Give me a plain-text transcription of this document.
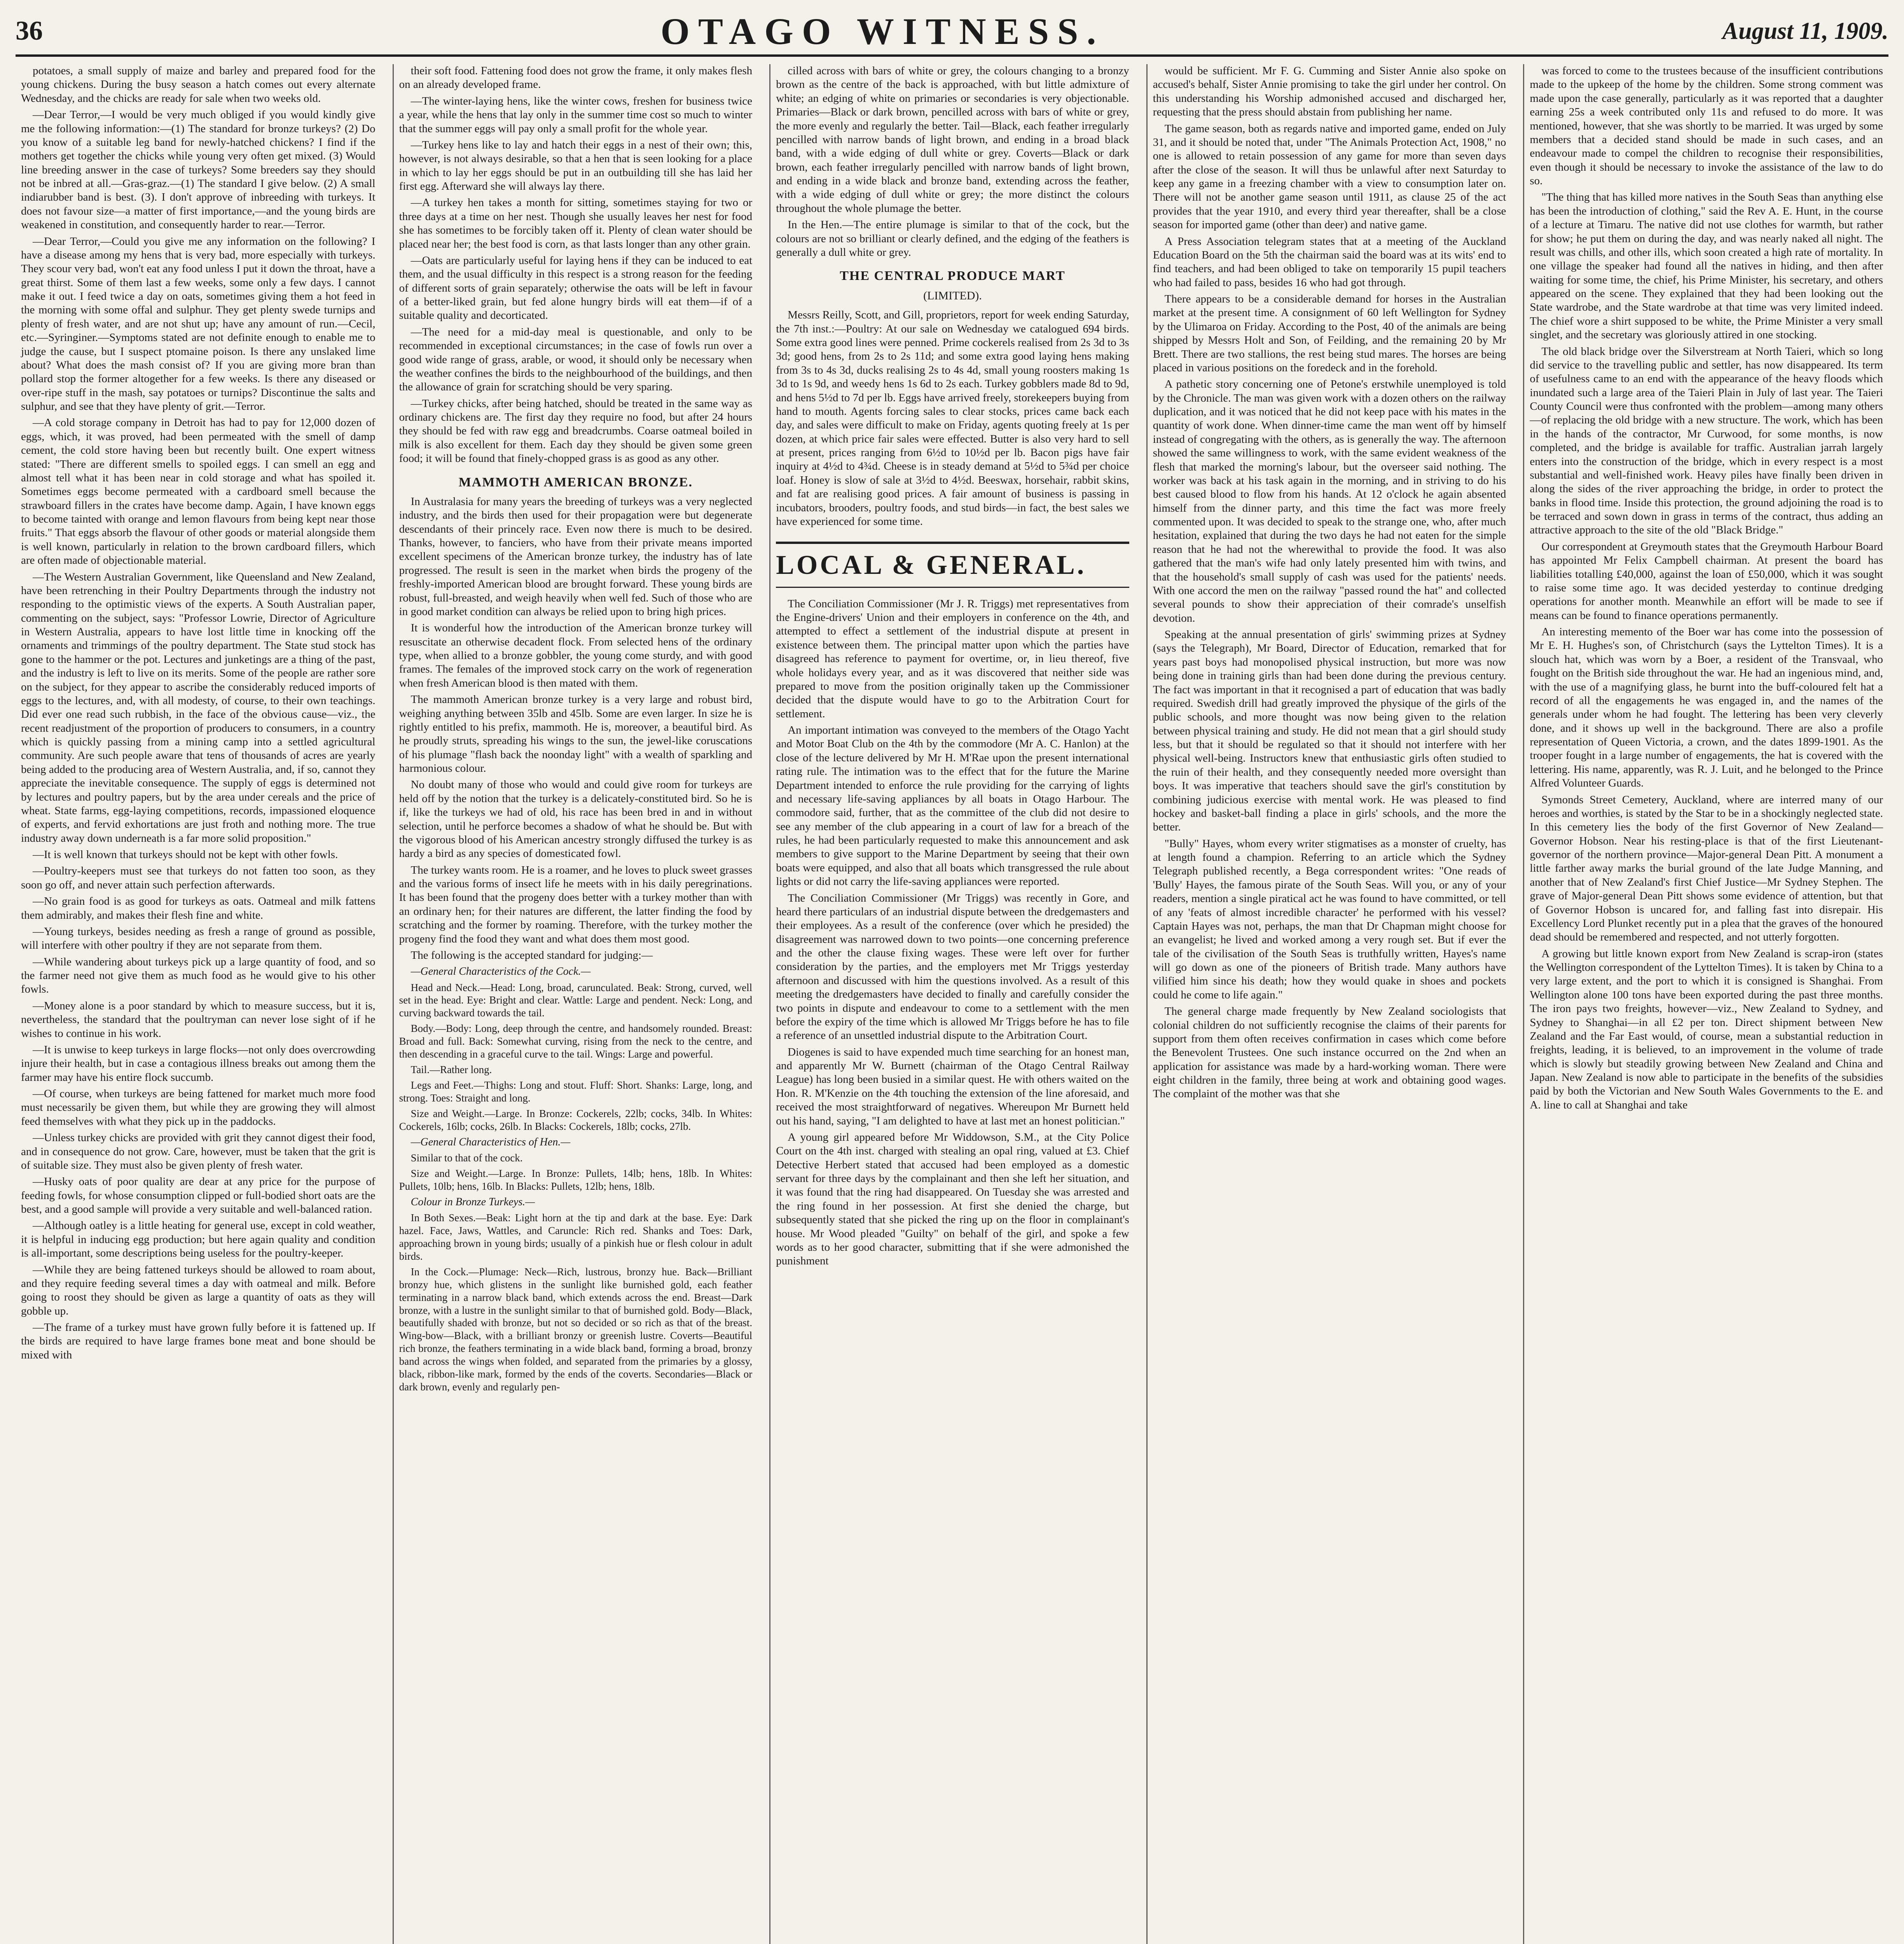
36	OTAGO WITNESS.	August 11, 1909.

potatoes, a small supply of maize and barley and prepared food for the young chickens. During the busy season a hatch comes out every alternate Wednesday, and the chicks are ready for sale when two weeks old.

—Dear Terror,—I would be very much obliged if you would kindly give me the following information:—(1) The standard for bronze turkeys? (2) Do you know of a suitable leg band for newly-hatched chickens? I find if the mothers get together the chicks while young very often get mixed. (3) Would line breeding answer in the case of turkeys? Some breeders say they should not be inbred at all.—Gras-graz.—(1) The standard I give below. (2) A small indiarubber band is best. (3). I don't approve of inbreeding with turkeys. It does not favour size—a matter of first importance,—and the young birds are weakened in constitution, and consequently harder to rear.—Terror.

—Dear Terror,—Could you give me any information on the following? I have a disease among my hens that is very bad, more especially with turkeys. They scour very bad, won't eat any food unless I put it down the throat, have a great thirst. Some of them last a few weeks, some only a few days. I cannot make it out. I feed twice a day on oats, sometimes giving them a hot feed in the morning with some offal and sulphur. They get plenty swede turnips and plenty of fresh water, and are not shut up; have any amount of run.—Cecil, etc.—Syringiner.—Symptoms stated are not definite enough to enable me to judge the cause, but I suspect ptomaine poison. Is there any unslaked lime about? What does the mash consist of? If you are giving more bran than pollard stop the former altogether for a few weeks. Is there any diseased or over-ripe stuff in the mash, say potatoes or turnips? Discontinue the salts and sulphur, and see that they have plenty of grit.—Terror.

—A cold storage company in Detroit has had to pay for 12,000 dozen of eggs, which, it was proved, had been permeated with the smell of damp cement, the cold store having been but recently built. One expert witness stated: "There are different smells to spoiled eggs. I can smell an egg and almost tell what it has been near in cold storage and what has spoiled it. Sometimes eggs become permeated with a cardboard smell because the strawboard fillers in the crates have become damp. Again, I have known eggs to become tainted with orange and lemon flavours from being kept near those fruits." That eggs absorb the flavour of other goods or material alongside them is well known, particularly in relation to the brown cardboard fillers, which are often made of objectionable material.

—The Western Australian Government, like Queensland and New Zealand, have been retrenching in their Poultry Departments through the industry not responding to the optimistic views of the experts. A South Australian paper, commenting on the subject, says: "Professor Lowrie, Director of Agriculture in Western Australia, appears to have lost little time in knocking off the ornaments and trimmings of the poultry department. The State stud stock has gone to the hammer or the pot. Lectures and junketings are a thing of the past, and the industry is left to live on its merits. Some of the people are rather sore on the subject, for they appear to ascribe the considerably reduced imports of eggs to the lectures, and, with all modesty, of course, to their own teachings. Did ever one read such rubbish, in the face of the obvious cause—viz., the recent readjustment of the proportion of producers to consumers, in a country which is quickly passing from a mining camp into a settled agricultural community. Are such people aware that tens of thousands of acres are yearly being added to the producing area of Western Australia, and, if so, cannot they appreciate the inevitable consequence. The supply of eggs is determined not by lectures and poultry papers, but by the area under cereals and the price of wheat. State farms, egg-laying competitions, records, impassioned eloquence of experts, and fervid exhortations are just froth and nothing more. The true industry away down underneath is a far more solid proposition."

—It is well known that turkeys should not be kept with other fowls.

—Poultry-keepers must see that turkeys do not fatten too soon, as they soon go off, and never attain such perfection afterwards.

—No grain food is as good for turkeys as oats. Oatmeal and milk fattens them admirably, and makes their flesh fine and white.

—Young turkeys, besides needing as fresh a range of ground as possible, will interfere with other poultry if they are not separate from them.

—While wandering about turkeys pick up a large quantity of food, and so the farmer need not give them as much food as he would give to his other fowls.

—Money alone is a poor standard by which to measure success, but it is, nevertheless, the standard that the poultryman can never lose sight of if he wishes to continue in his work.

—It is unwise to keep turkeys in large flocks—not only does overcrowding injure their health, but in case a contagious illness breaks out among them the farmer may have his entire flock succumb.

—Of course, when turkeys are being fattened for market much more food must necessarily be given them, but while they are growing they will almost feed themselves with what they pick up in the paddocks.

—Unless turkey chicks are provided with grit they cannot digest their food, and in consequence do not grow. Care, however, must be taken that the grit is of suitable size. They must also be given plenty of fresh water.

—Husky oats of poor quality are dear at any price for the purpose of feeding fowls, for whose consumption clipped or full-bodied short oats are the best, and a good sample will provide a very suitable and well-balanced ration.

—Although oatley is a little heating for general use, except in cold weather, it is helpful in inducing egg production; but here again quality and condition is all-important, some descriptions being useless for the poultry-keeper.

—While they are being fattened turkeys should be allowed to roam about, and they require feeding several times a day with oatmeal and milk. Before going to roost they should be given as large a quantity of oats as they will gobble up.

—The frame of a turkey must have grown fully before it is fattened up. If the birds are required to have large frames bone meat and bone should be mixed with

their soft food. Fattening food does not grow the frame, it only makes flesh on an already developed frame.

—The winter-laying hens, like the winter cows, freshen for business twice a year, while the hens that lay only in the summer time cost so much to winter that the summer eggs will pay only a small profit for the whole year.

—Turkey hens like to lay and hatch their eggs in a nest of their own; this, however, is not always desirable, so that a hen that is seen looking for a place in which to lay her eggs should be put in an outbuilding till she has laid her first egg. Afterward she will always lay there.

—A turkey hen takes a month for sitting, sometimes staying for two or three days at a time on her nest. Though she usually leaves her nest for food she has sometimes to be forcibly taken off it. Plenty of clean water should be placed near her; the best food is corn, as that lasts longer than any other grain.

—Oats are particularly useful for laying hens if they can be induced to eat them, and the usual difficulty in this respect is a strong reason for the feeding of different sorts of grain separately; otherwise the oats will be left in favour of a better-liked grain, but fed alone hungry birds will eat them—if of a suitable quality and decorticated.

—The need for a mid-day meal is questionable, and only to be recommended in exceptional circumstances; in the case of fowls run over a good wide range of grass, arable, or wood, it should only be necessary when the weather confines the birds to the neighbourhood of the buildings, and then the allowance of grain for scratching should be very sparing.

—Turkey chicks, after being hatched, should be treated in the same way as ordinary chickens are. The first day they require no food, but after 24 hours they should be fed with raw egg and breadcrumbs. Coarse oatmeal boiled in milk is also excellent for them. Each day they should be given some green food; it will be found that finely-chopped grass is as good as any other.

MAMMOTH AMERICAN BRONZE.

In Australasia for many years the breeding of turkeys was a very neglected industry, and the birds then used for their propagation were but degenerate descendants of their princely race. Even now there is much to be desired. Thanks, however, to fanciers, who have from their private means imported excellent specimens of the American bronze turkey, the industry has of late progressed. The result is seen in the market when birds the progeny of the freshly-imported American blood are brought forward. These young birds are robust, full-breasted, and weigh heavily when well fed. Such of those who are in good market condition can always be relied upon to bring high prices.

It is wonderful how the introduction of the American bronze turkey will resuscitate an otherwise decadent flock. From selected hens of the ordinary type, when allied to a bronze gobbler, the young come sturdy, and with good frames. The females of the improved stock carry on the work of regeneration when fresh American blood is then mated with them.

The mammoth American bronze turkey is a very large and robust bird, weighing anything between 35lb and 45lb. Some are even larger. In size he is rightly entitled to his prefix, mammoth. He is, moreover, a beautiful bird. As he proudly struts, spreading his wings to the sun, the jewel-like coruscations of his plumage "flash back the noonday light" with a wealth of sparkling and harmonious colour.

No doubt many of those who would and could give room for turkeys are held off by the notion that the turkey is a delicately-constituted bird. So he is if, like the turkeys we had of old, his race has been bred in and in without selection, until he perforce becomes a shadow of what he should be. But with the vigorous blood of his American ancestry strongly diffused the turkey is as hardy a bird as any species of domesticated fowl.

The turkey wants room. He is a roamer, and he loves to pluck sweet grasses and the various forms of insect life he meets with in his daily peregrinations. It has been found that the progeny does better with a turkey mother than with an ordinary hen; for their natures are different, the latter finding the food by scratching and the former by roaming. Therefore, with the turkey mother the progeny find the food they want and what does them most good.

The following is the accepted standard for judging:—

—General Characteristics of the Cock.—

Head and Neck.—Head: Long, broad, carunculated. Beak: Strong, curved, well set in the head. Eye: Bright and clear. Wattle: Large and pendent. Neck: Long, and curving backward towards the tail.

Body.—Body: Long, deep through the centre, and handsomely rounded. Breast: Broad and full. Back: Somewhat curving, rising from the neck to the centre, and then descending in a graceful curve to the tail. Wings: Large and powerful.

Tail.—Rather long.

Legs and Feet.—Thighs: Long and stout. Fluff: Short. Shanks: Large, long, and strong. Toes: Straight and long.

Size and Weight.—Large. In Bronze: Cockerels, 22lb; cocks, 34lb. In Whites: Cockerels, 16lb; cocks, 26lb. In Blacks: Cockerels, 18lb; cocks, 27lb.

—General Characteristics of Hen.—

Similar to that of the cock.

Size and Weight.—Large. In Bronze: Pullets, 14lb; hens, 18lb. In Whites: Pullets, 10lb; hens, 16lb. In Blacks: Pullets, 12lb; hens, 18lb.

Colour in Bronze Turkeys.—

In Both Sexes.—Beak: Light horn at the tip and dark at the base. Eye: Dark hazel. Face, Jaws, Wattles, and Caruncle: Rich red. Shanks and Toes: Dark, approaching brown in young birds; usually of a pinkish hue or flesh colour in adult birds.

In the Cock.—Plumage: Neck—Rich, lustrous, bronzy hue. Back—Brilliant bronzy hue, which glistens in the sunlight like burnished gold, each feather terminating in a narrow black band, which extends across the end. Breast—Dark bronze, with a lustre in the sunlight similar to that of burnished gold. Body—Black, beautifully shaded with bronze, but not so decided or so rich as that of the breast. Wing-bow—Black, with a brilliant bronzy or greenish lustre. Coverts—Beautiful rich bronze, the feathers terminating in a wide black band, forming a broad, bronzy band across the wings when folded, and separated from the primaries by a glossy, black, ribbon-like mark, formed by the ends of the coverts. Secondaries—Black or dark brown, evenly and regularly pen-

cilled across with bars of white or grey, the colours changing to a bronzy brown as the centre of the back is approached, with but little admixture of white; an edging of white on primaries or secondaries is very objectionable. Primaries—Black or dark brown, pencilled across with bars of white or grey, the more evenly and regularly the better. Tail—Black, each feather irregularly pencilled with narrow bands of light brown, and ending in a broad black band, with a wide edging of dull white or grey. Coverts—Black or dark brown, each feather irregularly pencilled with narrow bands of light brown, and ending in a wide black and bronze band, extending across the feather, with a wide edging of dull white or grey; the more distinct the colours throughout the whole plumage the better.

In the Hen.—The entire plumage is similar to that of the cock, but the colours are not so brilliant or clearly defined, and the edging of the feathers is generally a dull white or grey.

THE CENTRAL PRODUCE MART
(LIMITED).

Messrs Reilly, Scott, and Gill, proprietors, report for week ending Saturday, the 7th inst.:—Poultry: At our sale on Wednesday we catalogued 694 birds. Some extra good lines were penned. Prime cockerels realised from 2s 3d to 3s 3d; good hens, from 2s to 2s 11d; and some extra good laying hens making from 3s to 4s 3d, ducks realising 2s to 4s 4d, small young roosters making 1s 3d to 1s 9d, and weedy hens 1s 6d to 2s each. Turkey gobblers made 8d to 9d, and hens 5½d to 7d per lb. Eggs have arrived freely, storekeepers buying from hand to mouth. Agents forcing sales to clear stocks, prices came back each day, and sales were difficult to make on Friday, agents quoting freely at 1s per dozen, at which price fair sales were effected. Butter is also very hard to sell at present, prices ranging from 6½d to 10½d per lb. Bacon pigs have fair inquiry at 4½d to 4¾d. Cheese is in steady demand at 5½d to 5¾d per choice loaf. Honey is slow of sale at 3½d to 4½d. Beeswax, horsehair, rabbit skins, and fat are realising good prices. A fair amount of business is passing in incubators, brooders, poultry foods, and stud birds—in fact, the best sales we have experienced for some time.

LOCAL & GENERAL.

The Conciliation Commissioner (Mr J. R. Triggs) met representatives from the Engine-drivers' Union and their employers in conference on the 4th, and attempted to effect a settlement of the industrial dispute at present in existence between them. The principal matter upon which the parties have disagreed has reference to payment for overtime, or, in lieu thereof, five whole holidays every year, and as it was discovered that neither side was prepared to move from the position originally taken up the Commissioner decided that the dispute would have to go to the Arbitration Court for settlement.

An important intimation was conveyed to the members of the Otago Yacht and Motor Boat Club on the 4th by the commodore (Mr A. C. Hanlon) at the close of the lecture delivered by Mr H. M'Rae upon the present international rating rule. The intimation was to the effect that for the future the Marine Department intended to enforce the rule providing for the carrying of lights and necessary life-saving appliances by all boats in Otago Harbour. The commodore said, further, that as the committee of the club did not desire to see any member of the club appearing in a court of law for a breach of the rules, he had been particularly requested to make this announcement and ask members to give support to the Marine Department by seeing that their own boats were equipped, and also that all boats which transgressed the rule about lights or did not carry the life-saving appliances were reported.

The Conciliation Commissioner (Mr Triggs) was recently in Gore, and heard there particulars of an industrial dispute between the dredgemasters and their employees. As a result of the conference (over which he presided) the disagreement was narrowed down to two points—one concerning preference and the other the clause fixing wages. These were left over for further consideration by the parties, and the employers met Mr Triggs yesterday afternoon and discussed with him the questions involved. As a result of this meeting the dredgemasters have decided to finally and carefully consider the two points in dispute and endeavour to come to a settlement with the men before the expiry of the time which is allowed Mr Triggs before he has to file a reference of an unsettled industrial dispute to the Arbitration Court.

Diogenes is said to have expended much time searching for an honest man, and apparently Mr W. Burnett (chairman of the Otago Central Railway League) has long been busied in a similar quest. He with others waited on the Hon. R. M'Kenzie on the 4th touching the extension of the line aforesaid, and received the most straightforward of negatives. Whereupon Mr Burnett held out his hand, saying, "I am delighted to have at last met an honest politician."

A young girl appeared before Mr Widdowson, S.M., at the City Police Court on the 4th inst. charged with stealing an opal ring, valued at £3. Chief Detective Herbert stated that accused had been employed as a domestic servant for three days by the complainant and then she left her situation, and it was found that the ring had disappeared. On Tuesday she was arrested and the ring found in her possession. At first she denied the charge, but subsequently stated that she picked the ring up on the floor in complainant's house. Mr Wood pleaded "Guilty" on behalf of the girl, and spoke a few words as to her good character, submitting that if she were admonished the punishment

would be sufficient. Mr F. G. Cumming and Sister Annie also spoke on accused's behalf, Sister Annie promising to take the girl under her control. On this understanding his Worship admonished accused and discharged her, requesting that the press should abstain from publishing her name.

The game season, both as regards native and imported game, ended on July 31, and it should be noted that, under "The Animals Protection Act, 1908," no one is allowed to retain possession of any game for more than seven days after the close of the season. It will thus be unlawful after next Saturday to keep any game in a freezing chamber with a view to consumption later on. There will not be another game season until 1911, as clause 25 of the act provides that the year 1910, and every third year thereafter, shall be a close season for imported game (other than deer) and native game.

A Press Association telegram states that at a meeting of the Auckland Education Board on the 5th the chairman said the board was at its wits' end to find teachers, and had been obliged to take on temporarily 15 pupil teachers who had failed to pass, besides 16 who had got through.

There appears to be a considerable demand for horses in the Australian market at the present time. A consignment of 60 left Wellington for Sydney by the Ulimaroa on Friday. According to the Post, 40 of the animals are being shipped by Messrs Holt and Son, of Feilding, and the remaining 20 by Mr Brett. There are two stallions, the rest being stud mares. The horses are being placed in various positions on the foredeck and in the forehold.

A pathetic story concerning one of Petone's erstwhile unemployed is told by the Chronicle. The man was given work with a dozen others on the railway duplication, and it was noticed that he did not keep pace with his mates in the quantity of work done. When dinner-time came the man went off by himself instead of congregating with the others, as is generally the way. The afternoon showed the same willingness to work, with the same evident weakness of the flesh that marked the morning's labour, but the overseer said nothing. The worker was back at his task again in the morning, and in striving to do his best caused blood to flow from his hands. At 12 o'clock he again absented himself from the dinner party, and this time the fact was more freely commented upon. It was decided to speak to the strange one, who, after much hesitation, explained that during the two days he had not eaten for the simple reason that he had not the wherewithal to provide the food. It was also gathered that the man's wife had only lately presented him with twins, and that the household's small supply of cash was used for the patients' needs. With one accord the men on the railway "passed round the hat" and collected several pounds to show their appreciation of their comrade's unselfish devotion.

Speaking at the annual presentation of girls' swimming prizes at Sydney (says the Telegraph), Mr Board, Director of Education, remarked that for years past boys had monopolised physical instruction, but more was now being done in training girls than had been done during the previous century. The fact was important in that it recognised a part of education that was badly required. Swedish drill had greatly improved the physique of the girls of the public schools, and more thought was now being given to the relation between physical training and study. He did not mean that a girl should study less, but that it should be regulated so that it should not interfere with her physical well-being. Instructors knew that enthusiastic girls often studied to the ruin of their health, and they consequently needed more oversight than boys. It was imperative that teachers should save the girl's constitution by combining judicious exercise with mental work. He was pleased to find hockey and basket-ball finding a place in girls' schools, and the more the better.

"Bully" Hayes, whom every writer stigmatises as a monster of cruelty, has at length found a champion. Referring to an article which the Sydney Telegraph published recently, a Bega correspondent writes: "One reads of 'Bully' Hayes, the famous pirate of the South Seas. Will you, or any of your readers, mention a single piratical act he was found to have committed, or tell of any 'feats of almost incredible character' he performed with his vessel? Captain Hayes was not, perhaps, the man that Dr Chapman might choose for an evangelist; he lived and worked among a very rough set. But if ever the tale of the civilisation of the South Seas is truthfully written, Hayes's name will go down as one of the pioneers of British trade. Many authors have vilified him since his death; how they would quake in shoes and pockets could he come to life again."

The general charge made frequently by New Zealand sociologists that colonial children do not sufficiently recognise the claims of their parents for support from them often receives confirmation in cases which come before the Benevolent Trustees. One such instance occurred on the 2nd when an application for assistance was made by a hard-working woman. There were eight children in the family, three being at work and obtaining good wages. The complaint of the mother was that she

was forced to come to the trustees because of the insufficient contributions made to the upkeep of the home by the children. Some strong comment was made upon the case generally, particularly as it was reported that a daughter earning 25s a week contributed only 11s and refused to do more. It was mentioned, however, that she was shortly to be married. It was urged by some members that a decided stand should be made in such cases, and an endeavour made to compel the children to recognise their responsibilities, even though it should be necessary to invoke the assistance of the law to do so.

"The thing that has killed more natives in the South Seas than anything else has been the introduction of clothing," said the Rev A. E. Hunt, in the course of a lecture at Timaru. The native did not use clothes for warmth, but rather for show; he put them on during the day, and was nearly naked all night. The result was chills, and other ills, which soon created a high rate of mortality. In one village the speaker had found all the natives in hiding, and then after waiting for some time, the chief, his Prime Minister, his secretary, and others appeared on the scene. They explained that they had been looking out the State wardrobe, and the State wardrobe at that time was very limited indeed. The chief wore a shirt supposed to be white, the Prime Minister a very small singlet, and the secretary was gloriously attired in one stocking.

The old black bridge over the Silverstream at North Taieri, which so long did service to the travelling public and settler, has now disappeared. Its term of usefulness came to an end with the appearance of the heavy floods which inundated such a large area of the Taieri Plain in July of last year. The Taieri County Council were thus confronted with the problem—among many others—of replacing the old bridge with a new structure. The work, which has been in the hands of the contractor, Mr Curwood, for some months, is now completed, and the bridge is available for traffic. Australian jarrah largely enters into the construction of the bridge, which in every respect is a most substantial and well-finished work. Heavy piles have finally been driven in along the sides of the river approaching the bridge, in order to protect the banks in flood time. Inside this protection, the ground adjoining the road is to be terraced and sown down in grass in terms of the contract, thus adding an attractive approach to the site of the old "Black Bridge."

Our correspondent at Greymouth states that the Greymouth Harbour Board has appointed Mr Felix Campbell chairman. At present the board has liabilities totalling £40,000, against the loan of £50,000, which it was sought to raise some time ago. It was decided yesterday to continue dredging operations for another month. Meanwhile an effort will be made to see if means can be found to finance operations permanently.

An interesting memento of the Boer war has come into the possession of Mr E. H. Hughes's son, of Christchurch (says the Lyttelton Times). It is a slouch hat, which was worn by a Boer, a resident of the Transvaal, who fought on the British side throughout the war. He had an ingenious mind, and, with the use of a magnifying glass, he burnt into the buff-coloured felt hat a record of all the engagements he was engaged in, and the names of the generals under whom he had fought. The lettering has been very cleverly done, and it shows up well in the background. There are also a profile representation of Queen Victoria, a crown, and the dates 1899-1901. As the trooper fought in a large number of engagements, the hat is covered with the lettering. His name, apparently, was R. J. Luit, and he belonged to the Prince Alfred Volunteer Guards.

Symonds Street Cemetery, Auckland, where are interred many of our heroes and worthies, is stated by the Star to be in a shockingly neglected state. In this cemetery lies the body of the first Governor of New Zealand—Governor Hobson. Near his resting-place is that of the first Lieutenant-governor of the northern province—Major-general Dean Pitt. A monument a little farther away marks the burial ground of the late Judge Manning, and another that of New Zealand's first Chief Justice—Mr Sydney Stephen. The grave of Major-general Dean Pitt shows some evidence of attention, but that of Governor Hobson is uncared for, and falling fast into disrepair. His Excellency Lord Plunket recently put in a plea that the graves of the honoured dead should be remembered and respected, and not utterly forgotten.

A growing but little known export from New Zealand is scrap-iron (states the Wellington correspondent of the Lyttelton Times). It is taken by China to a very large extent, and the port to which it is consigned is Shanghai. From Wellington alone 100 tons have been exported during the past three months. The iron pays two freights, however—viz., New Zealand to Sydney, and Sydney to Shanghai—in all £2 per ton. Direct shipment between New Zealand and the Far East would, of course, mean a substantial reduction in freights, leading, it is believed, to an improvement in the volume of trade which is slowly but steadily growing between New Zealand and China and Japan. New Zealand is now able to participate in the benefits of the subsidies paid by both the Victorian and New South Wales Governments to the E. and A. line to call at Shanghai and take
